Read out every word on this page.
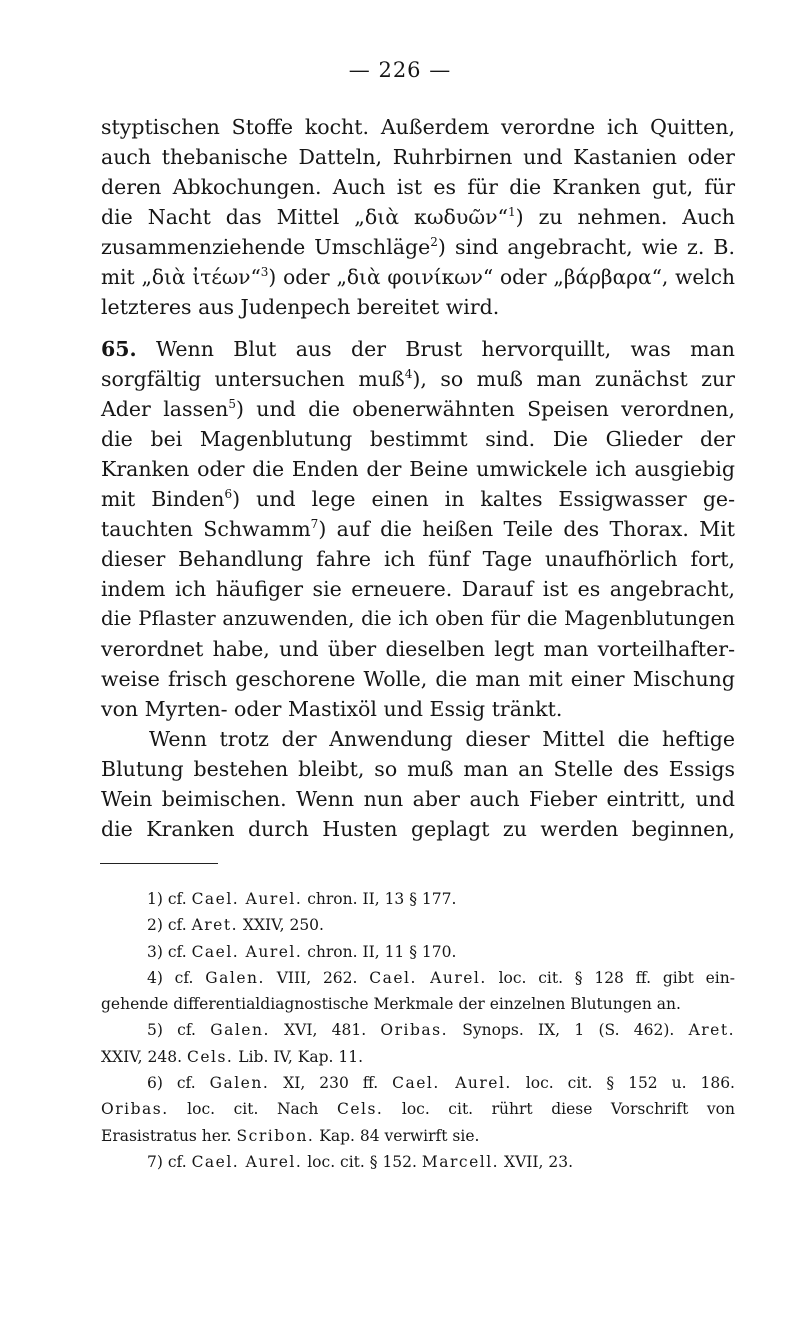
— 226 —
styptischen Stoffe kocht. Außerdem verordne ich Quitten,
auch thebanische Datteln, Ruhrbirnen und Kastanien oder
deren Abkochungen. Auch ist es für die Kranken gut, für
die Nacht das Mittel „διὰ κωδυῶν“$^1$) zu nehmen. Auch
zusammenziehende Umschläge$^2$) sind angebracht, wie z. B.
mit „διὰ ἰτέων“$^3$) oder „διὰ φοινίκων“ oder „βάρβαρα“, welch
letzteres aus Judenpech bereitet wird.
65. Wenn Blut aus der Brust hervorquillt, was man
sorgfältig untersuchen muß$^4$), so muß man zunächst zur
Ader lassen$^5$) und die obenerwähnten Speisen verordnen,
die bei Magenblutung bestimmt sind. Die Glieder der
Kranken oder die Enden der Beine umwickele ich ausgiebig
mit Binden$^6$) und lege einen in kaltes Essigwasser ge-
tauchten Schwamm$^7$) auf die heißen Teile des Thorax. Mit
dieser Behandlung fahre ich fünf Tage unaufhörlich fort,
indem ich häufiger sie erneuere. Darauf ist es angebracht,
die Pflaster anzuwenden, die ich oben für die Magenblutungen
verordnet habe, und über dieselben legt man vorteilhafter-
weise frisch geschorene Wolle, die man mit einer Mischung
von Myrten- oder Mastixöl und Essig tränkt.
Wenn trotz der Anwendung dieser Mittel die heftige
Blutung bestehen bleibt, so muß man an Stelle des Essigs
Wein beimischen. Wenn nun aber auch Fieber eintritt, und
die Kranken durch Husten geplagt zu werden beginnen,
1) cf. Cael. Aurel. chron. II, 13 § 177.
2) cf. Aret. XXIV, 250.
3) cf. Cael. Aurel. chron. II, 11 § 170.
4) cf. Galen. VIII, 262. Cael. Aurel. loc. cit. § 128 ff. gibt ein-
gehende differentialdiagnostische Merkmale der einzelnen Blutungen an.
5) cf. Galen. XVI, 481. Oribas. Synops. IX, 1 (S. 462). Aret.
XXIV, 248. Cels. Lib. IV, Kap. 11.
6) cf. Galen. XI, 230 ff. Cael. Aurel. loc. cit. § 152 u. 186.
Oribas. loc. cit. Nach Cels. loc. cit. rührt diese Vorschrift von
Erasistratus her. Scribon. Kap. 84 verwirft sie.
7) cf. Cael. Aurel. loc. cit. § 152. Marcell. XVII, 23.
